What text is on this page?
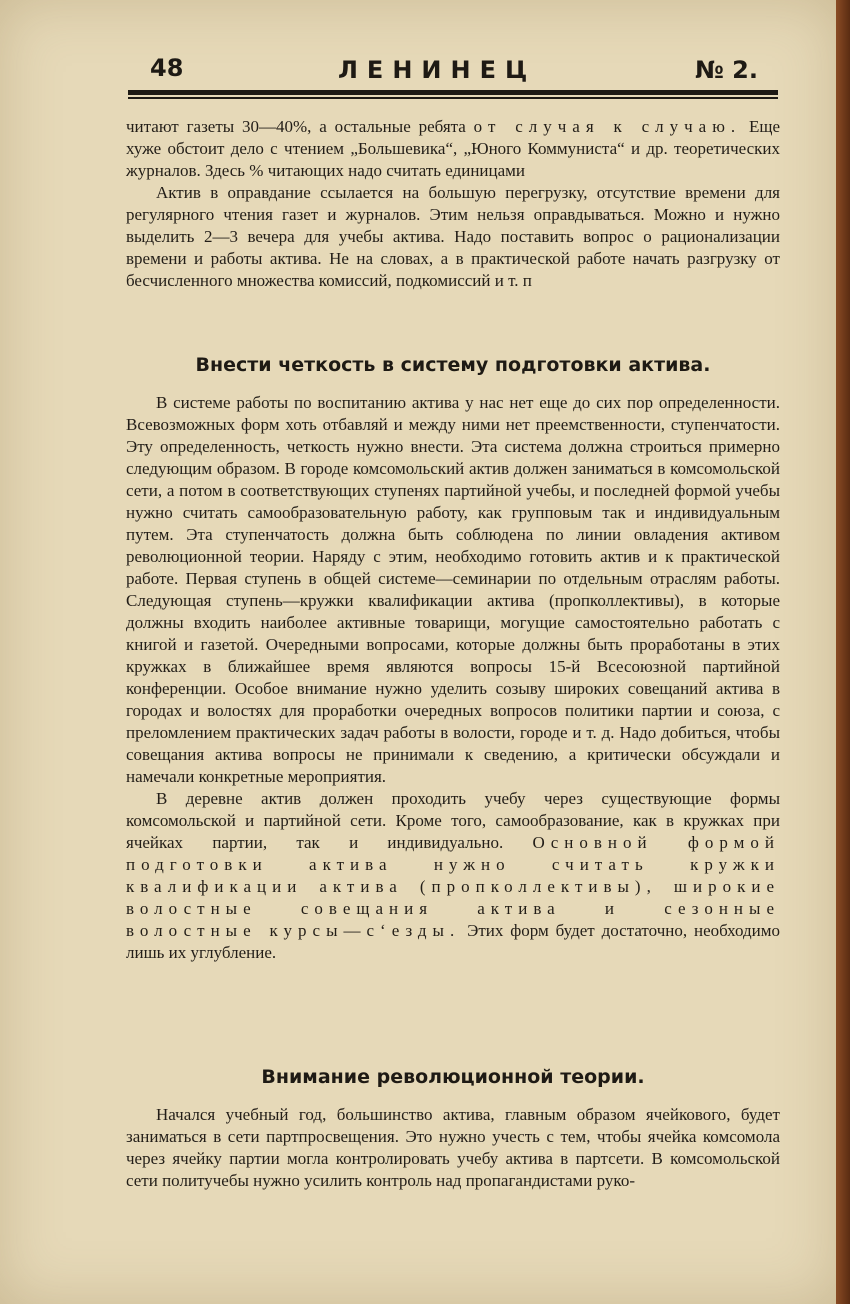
48	ЛЕНИНЕЦ	№ 2.

читают газеты 30—40%, а остальные ребята от случая к случаю. Еще хуже обстоит дело с чтением „Большевика“, „Юного Коммуниста“ и др. теоретических журналов. Здесь % читающих надо считать единицами

Актив в оправдание ссылается на большую перегрузку, отсутствие времени для регулярного чтения газет и журналов. Этим нельзя оправдываться. Можно и нужно выделить 2—3 вечера для учебы актива. Надо поставить вопрос о рационализации времени и работы актива. Не на словах, а в практической работе начать разгрузку от бесчисленного множества комиссий, подкомиссий и т. п

Внести четкость в систему подготовки актива.

В системе работы по воспитанию актива у нас нет еще до сих пор определенности. Всевозможных форм хоть отбавляй и между ними нет преемственности, ступенчатости. Эту определенность, четкость нужно внести. Эта система должна строиться примерно следующим образом. В городе комсомольский актив должен заниматься в комсомольской сети, а потом в соответствующих ступенях партийной учебы, и последней формой учебы нужно считать самообразовательную работу, как групповым так и индивидуальным путем. Эта ступенчатость должна быть соблюдена по линии овладения активом революционной теории. Наряду с этим, необходимо готовить актив и к практической работе. Первая ступень в общей системе—семинарии по отдельным отраслям работы. Следующая ступень—кружки квалификации актива (пропколлективы), в которые должны входить наиболее активные товарищи, могущие самостоятельно работать с книгой и газетой. Очередными вопросами, которые должны быть проработаны в этих кружках в ближайшее время являются вопросы 15-й Всесоюзной партийной конференции. Особое внимание нужно уделить созыву широких совещаний актива в городах и волостях для проработки очередных вопросов политики партии и союза, с преломлением практических задач работы в волости, городе и т. д. Надо добиться, чтобы совещания актива вопросы не принимали к сведению, а критически обсуждали и намечали конкретные мероприятия.

В деревне актив должен проходить учебу через существующие формы комсомольской и партийной сети. Кроме того, самообразование, как в кружках при ячейках партии, так и индивидуально. Основной формой подготовки актива нужно считать кружки квалификации актива (пропколлективы), широкие волостные совещания актива и сезонные волостные курсы—с‘езды. Этих форм будет достаточно, необходимо лишь их углубление.

Внимание революционной теории.

Начался учебный год, большинство актива, главным образом ячейкового, будет заниматься в сети партпросвещения. Это нужно учесть с тем, чтобы ячейка комсомола через ячейку партии могла контролировать учебу актива в партсети. В комсомольской сети политучебы нужно усилить контроль над пропагандистами руко-
